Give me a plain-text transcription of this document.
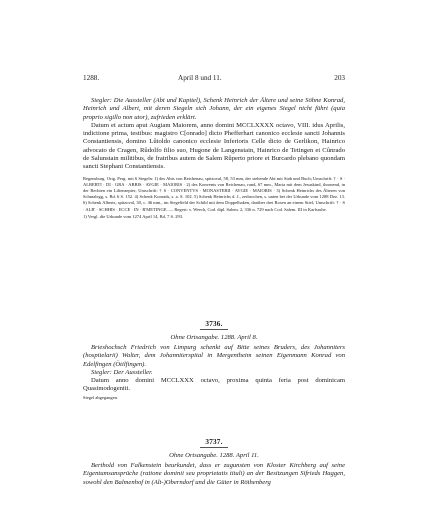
1288.	April 8 und 11.	203

Siegler: Die Aussteller (Abt und Kapitel), Schenk Heinrich der Ältere und seine Söhne Konrad, Heinrich und Albert, mit deren Siegeln sich Johann, der ein eigenes Siegel nicht führt (quia proprio sigillo non utor), zufrieden erklärt.

Datum et actum aput Augiam Maiorem, anno domini MCCLXXXX octavo, VIII. idus Aprilis, indictione prima, testibus: magistro C[onrado] dicto Phefferhart canonico ecclesie sancti Johannis Constantiensis, domino Lûtoldo canonico ecclesie Inferioris Celle dicto de Gerlikon, Hainrico advocato de Cragen, Rûdolfo filio suo, Hugone de Langenstain, Hainrico de Tetingen et Cûnrado de Salunstain militibus, de fratribus autem de Salem Rûperto priore et Burcardo plebano quondam sancti Stephani Constantiensis.

Regensburg. Orig. Perg. mit 6 Siegeln: 1) des Abts von Reichenau, spitzoval, 58, 53 mm, der stehende Abt mit Stab und Buch; Umschrift: † · S · ALBERTI · DI · GRA · ABBIS · AVGIE · MAIORIS · 2) des Konvents von Reichenau, rund, 67 mm., Maria mit dem Jesuskind, thronend, in der Rechten ein Lilienzepter; Umschrift: † S · CONVENTVS · MONASTERII · AVGIE · MAIORIS · 3) Schenk Heinrichs des Älteren von Schmalegg, s. Bd. 6 S. 152. 4) Schenk Konrads, s. a. S. 102. 5) Schenk Heinrichs d. J., zerbrochen, s. unten bei der Urkunde vom 1288 Dez. 13. 6) Schenk Alberts, spitzoval, 30, c. 46 mm., im Siegelfeld der Schild mit dem Doppelhaken, darüber drei Rosen an einem Stiel; Umschrift: † · S · ALB' · SCHHIS · ECCE · IN · R'METINGE. — Regest: v. Weech, Cod. dipl. Salem. 2, 336 n. 729 nach Cod. Salem. III in Karlsruhe.

1) Vergl. die Urkunde vom 1274 April 14, Bd. 7 S. 293.

3736.
Ohne Ortsangabe. 1288. April 8.

Brieshochsch Friedrich von Limpurg schenkt auf Bitte seines Bruders, des Johanniters (hospitelarii) Walter, dem Johanniterspital in Mergentheim seinen Eigenmann Konrad von Edelfingen (Ötilfingen).

Siegler: Der Aussteller.

Datum anno domini MCCLXXX octavo, proxima quinta feria post dominicam Quasimodogeniti.

Siegel abgegangen.

3737.
Ohne Ortsangabe. 1288. April 11.

Berthold von Falkenstein beurkundet, dass er zugunsten von Kloster Kirchberg auf seine Eigentumsansprüche (ratione dominii seu proprietatis tituli) an der Besitzungen Sifrieds Haggen, sowohl den Balmenhof in (Alt-)Oberndorf und die Güter in Röthenberg
